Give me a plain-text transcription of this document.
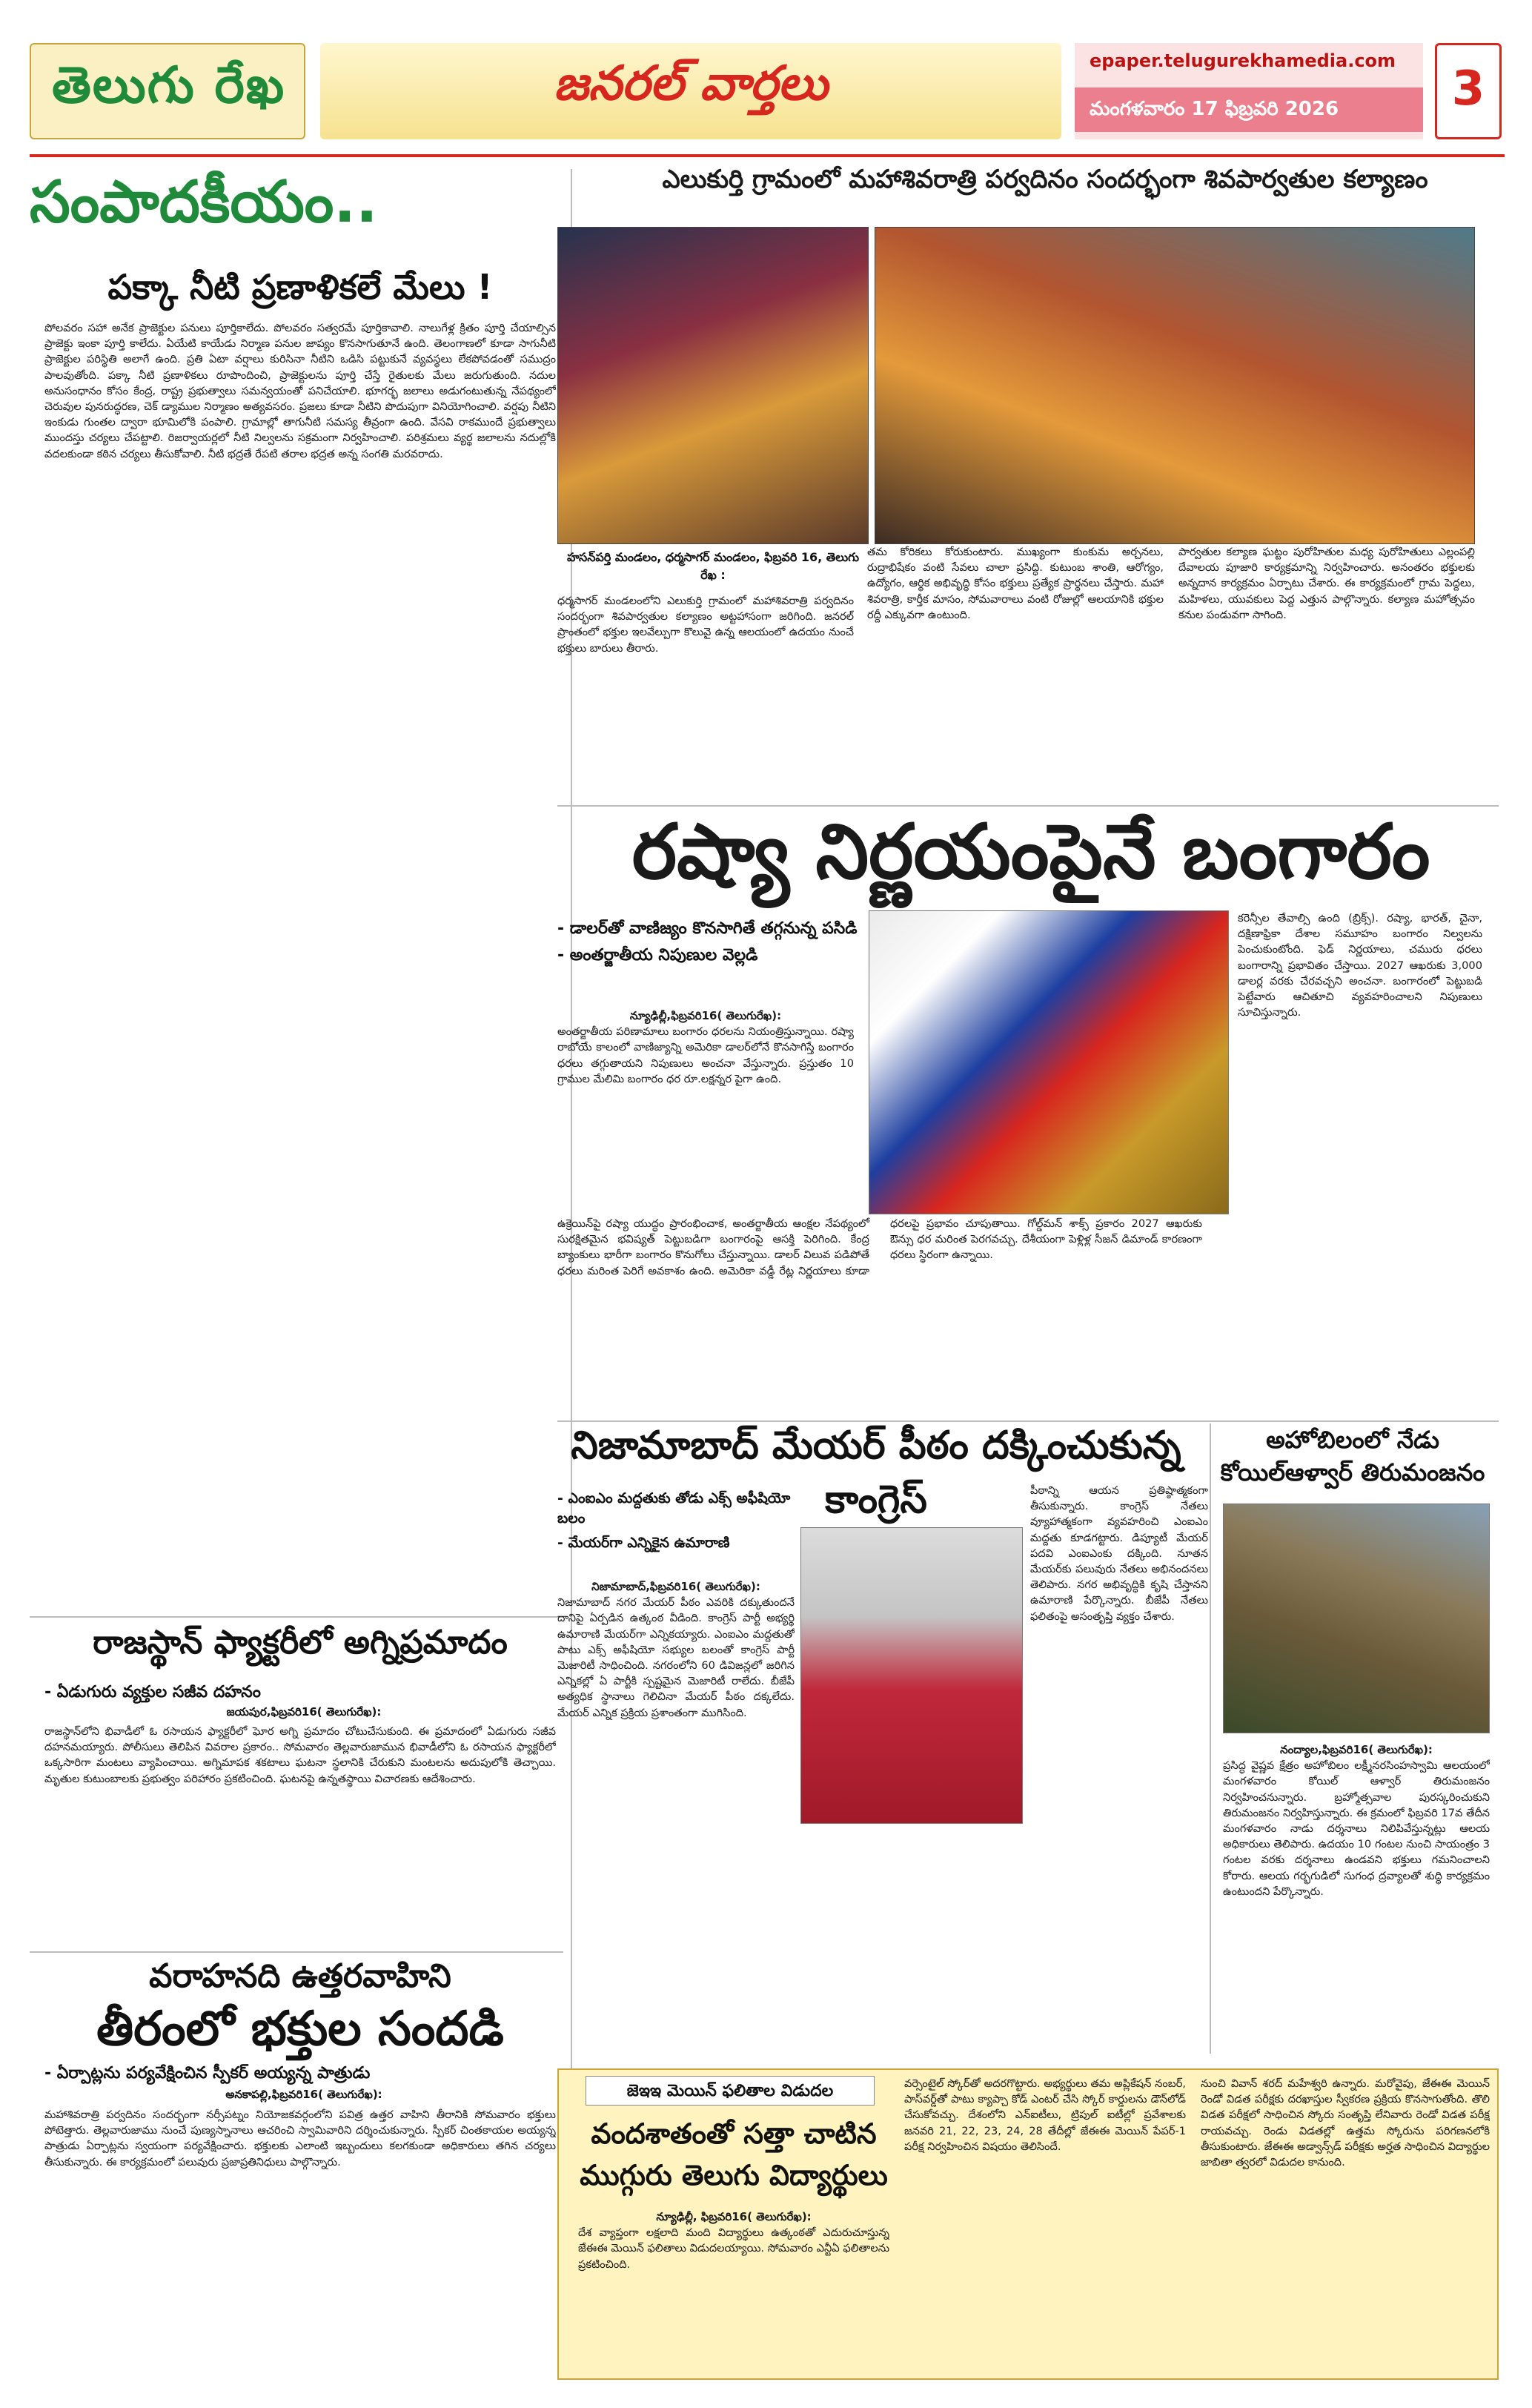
తెలుగు రేఖ	జనరల్ వార్తలు	epaper.telugurekhamedia.com
మంగళవారం 17 ఫిబ్రవరి 2026	3
సంపాదకీయం..
పక్కా నీటి ప్రణాళికలే మేలు !
పోలవరం సహా అనేక ప్రాజెక్టుల పనులు పూర్తికాలేదు. పోలవరం సత్వరమే పూర్తికావాలి. నాలుగేళ్ల క్రితం పూర్తి చేయాల్సిన ప్రాజెక్టు ఇంకా పూర్తి కాలేదు. ఏయేటి కాయేడు నిర్మాణ పనుల జాప్యం కొనసాగుతూనే ఉంది. తెలంగాణలో కూడా సాగునీటి ప్రాజెక్టుల పరిస్థితి అలాగే ఉంది. ప్రతి ఏటా వర్షాలు కురిసినా నీటిని ఒడిసి పట్టుకునే వ్యవస్థలు లేకపోవడంతో సముద్రం పాలవుతోంది. పక్కా నీటి ప్రణాళికలు రూపొందించి, ప్రాజెక్టులను పూర్తి చేస్తే రైతులకు మేలు జరుగుతుంది. నదుల అనుసంధానం కోసం కేంద్ర, రాష్ట్ర ప్రభుత్వాలు సమన్వయంతో పనిచేయాలి. భూగర్భ జలాలు అడుగంటుతున్న నేపథ్యంలో చెరువుల పునరుద్ధరణ, చెక్ డ్యాముల నిర్మాణం అత్యవసరం. ప్రజలు కూడా నీటిని పొదుపుగా వినియోగించాలి. వర్షపు నీటిని ఇంకుడు గుంతల ద్వారా భూమిలోకి పంపాలి. గ్రామాల్లో తాగునీటి సమస్య తీవ్రంగా ఉంది. వేసవి రాకముందే ప్రభుత్వాలు ముందస్తు చర్యలు చేపట్టాలి. రిజర్వాయర్లలో నీటి నిల్వలను సక్రమంగా నిర్వహించాలి. పరిశ్రమలు వ్యర్థ జలాలను నదుల్లోకి వదలకుండా కఠిన చర్యలు తీసుకోవాలి. నీటి భద్రతే రేపటి తరాల భద్రత అన్న సంగతి మరవరాదు.
రాజస్థాన్ ఫ్యాక్టరీలో అగ్నిప్రమాదం
- ఏడుగురు వ్యక్తుల సజీవ దహనం
జయపుర,ఫిబ్రవరి16( తెలుగురేఖ):
రాజస్థాన్‌లోని భివాడీలో ఓ రసాయన ఫ్యాక్టరీలో ఘోర అగ్ని ప్రమాదం చోటుచేసుకుంది. ఈ ప్రమాదంలో ఏడుగురు సజీవ దహనమయ్యారు. పోలీసులు తెలిపిన వివరాల ప్రకారం.. సోమవారం తెల్లవారుజామున భివాడీలోని ఓ రసాయన ఫ్యాక్టరీలో ఒక్కసారిగా మంటలు వ్యాపించాయి. అగ్నిమాపక శకటాలు ఘటనా స్థలానికి చేరుకుని మంటలను అదుపులోకి తెచ్చాయి. మృతుల కుటుంబాలకు ప్రభుత్వం పరిహారం ప్రకటించింది. ఘటనపై ఉన్నతస్థాయి విచారణకు ఆదేశించారు.
వరాహనది ఉత్తరవాహిని
తీరంలో భక్తుల సందడి
- ఏర్పాట్లను పర్యవేక్షించిన స్పీకర్ అయ్యన్న పాత్రుడు
అనకాపల్లి,ఫిబ్రవరి16( తెలుగురేఖ):
మహాశివరాత్రి పర్వదినం సందర్భంగా నర్సీపట్నం నియోజకవర్గంలోని పవిత్ర ఉత్తర వాహిని తీరానికి సోమవారం భక్తులు పోటెత్తారు. తెల్లవారుజాము నుంచే పుణ్యస్నానాలు ఆచరించి స్వామివారిని దర్శించుకున్నారు. స్పీకర్ చింతకాయల అయ్యన్న పాత్రుడు ఏర్పాట్లను స్వయంగా పర్యవేక్షించారు. భక్తులకు ఎలాంటి ఇబ్బందులు కలగకుండా అధికారులు తగిన చర్యలు తీసుకున్నారు. ఈ కార్యక్రమంలో పలువురు ప్రజాప్రతినిధులు పాల్గొన్నారు.
ఎలుకుర్తి గ్రామంలో మహాశివరాత్రి పర్వదినం సందర్భంగా శివపార్వతుల కల్యాణం
హసన్‌పర్తి మండలం, ధర్మసాగర్ మండలం, ఫిబ్రవరి 16, తెలుగు రేఖ :
ధర్మసాగర్ మండలంలోని ఎలుకుర్తి గ్రామంలో మహాశివరాత్రి పర్వదినం సందర్భంగా శివపార్వతుల కల్యాణం అట్టహాసంగా జరిగింది. జనరల్ ప్రాంతంలో భక్తుల ఇలవేల్పుగా కొలువై ఉన్న ఆలయంలో ఉదయం నుంచే భక్తులు బారులు తీరారు.
తమ కోరికలు కోరుకుంటారు. ముఖ్యంగా కుంకుమ అర్చనలు, రుద్రాభిషేకం వంటి సేవలు చాలా ప్రసిద్ధి. కుటుంబ శాంతి, ఆరోగ్యం, ఉద్యోగం, ఆర్థిక అభివృద్ధి కోసం భక్తులు ప్రత్యేక ప్రార్థనలు చేస్తారు. మహా శివరాత్రి, కార్తీక మాసం, సోమవారాలు వంటి రోజుల్లో ఆలయానికి భక్తుల రద్దీ ఎక్కువగా ఉంటుంది.
పార్వతుల కల్యాణ ఘట్టం పురోహితుల మధ్య పురోహితులు ఎల్లంపల్లి దేవాలయ పూజారి కార్యక్రమాన్ని నిర్వహించారు. అనంతరం భక్తులకు అన్నదాన కార్యక్రమం ఏర్పాటు చేశారు. ఈ కార్యక్రమంలో గ్రామ పెద్దలు, మహిళలు, యువకులు పెద్ద ఎత్తున పాల్గొన్నారు. కల్యాణ మహోత్సవం కనుల పండువగా సాగింది.
రష్యా నిర్ణయంపైనే బంగారం
- డాలర్‌తో వాణిజ్యం కొనసాగితే తగ్గనున్న పసిడి
- అంతర్జాతీయ నిపుణుల వెల్లడి
న్యూఢిల్లీ,ఫిబ్రవరి16( తెలుగురేఖ):
అంతర్జాతీయ పరిణామాలు బంగారం ధరలను నియంత్రిస్తున్నాయి. రష్యా రాబోయే కాలంలో వాణిజ్యాన్ని అమెరికా డాలర్‌లోనే కొనసాగిస్తే బంగారం ధరలు తగ్గుతాయని నిపుణులు అంచనా వేస్తున్నారు. ప్రస్తుతం 10 గ్రాముల మేలిమి బంగారం ధర రూ.లక్షన్నర పైగా ఉంది.
ఉక్రెయిన్‌పై రష్యా యుద్ధం ప్రారంభించాక, అంతర్జాతీయ ఆంక్షల నేపథ్యంలో సురక్షితమైన భవిష్యత్ పెట్టుబడిగా బంగారంపై ఆసక్తి పెరిగింది. కేంద్ర బ్యాంకులు భారీగా బంగారం కొనుగోలు చేస్తున్నాయి. డాలర్ విలువ పడిపోతే ధరలు మరింత పెరిగే అవకాశం ఉంది. అమెరికా వడ్డీ రేట్ల నిర్ణయాలు కూడా ధరలపై ప్రభావం చూపుతాయి. గోల్డ్‌మన్ శాక్స్ ప్రకారం 2027 ఆఖరుకు ఔన్సు ధర మరింత పెరగవచ్చు. దేశీయంగా పెళ్లిళ్ల సీజన్ డిమాండ్ కారణంగా ధరలు స్థిరంగా ఉన్నాయి.
కరెన్సీల తేవాల్సి ఉంది (బ్రిక్స్). రష్యా, భారత్, చైనా, దక్షిణాఫ్రికా దేశాల సమూహం బంగారం నిల్వలను పెంచుకుంటోంది. ఫెడ్ నిర్ణయాలు, చమురు ధరలు బంగారాన్ని ప్రభావితం చేస్తాయి. 2027 ఆఖరుకు 3,000 డాలర్ల వరకు చేరవచ్చని అంచనా. బంగారంలో పెట్టుబడి పెట్టేవారు ఆచితూచి వ్యవహరించాలని నిపుణులు సూచిస్తున్నారు.
నిజామాబాద్ మేయర్ పీఠం దక్కించుకున్న కాంగ్రెస్
- ఎంఐఎం మద్దతుకు తోడు ఎక్స్ అఫీషియో బలం
- మేయర్‌గా ఎన్నికైన ఉమారాణి
నిజామాబాద్,ఫిబ్రవరి16( తెలుగురేఖ):
నిజామాబాద్ నగర మేయర్ పీఠం ఎవరికి దక్కుతుందనే దానిపై ఏర్పడిన ఉత్కంఠ వీడింది. కాంగ్రెస్ పార్టీ అభ్యర్థి ఉమారాణి మేయర్‌గా ఎన్నికయ్యారు. ఎంఐఎం మద్దతుతో పాటు ఎక్స్ అఫీషియో సభ్యుల బలంతో కాంగ్రెస్ పార్టీ మెజారిటీ సాధించింది. నగరంలోని 60 డివిజన్లలో జరిగిన ఎన్నికల్లో ఏ పార్టీకి స్పష్టమైన మెజారిటీ రాలేదు. బీజేపీ అత్యధిక స్థానాలు గెలిచినా మేయర్ పీఠం దక్కలేదు. మేయర్ ఎన్నిక ప్రక్రియ ప్రశాంతంగా ముగిసింది.
పీఠాన్ని ఆయన ప్రతిష్ఠాత్మకంగా తీసుకున్నారు. కాంగ్రెస్ నేతలు వ్యూహాత్మకంగా వ్యవహరించి ఎంఐఎం మద్దతు కూడగట్టారు. డిప్యూటీ మేయర్ పదవి ఎంఐఎంకు దక్కింది. నూతన మేయర్‌కు పలువురు నేతలు అభినందనలు తెలిపారు. నగర అభివృద్ధికి కృషి చేస్తానని ఉమారాణి పేర్కొన్నారు. బీజేపీ నేతలు ఫలితంపై అసంతృప్తి వ్యక్తం చేశారు.
అహోబిలంలో నేడు కోయిల్‌ఆళ్వార్ తిరుమంజనం
నంద్యాల,ఫిబ్రవరి16( తెలుగురేఖ):
ప్రసిద్ధ వైష్ణవ క్షేత్రం అహోబిలం లక్ష్మీనరసింహస్వామి ఆలయంలో మంగళవారం కోయిల్ ఆళ్వార్ తిరుమంజనం నిర్వహించనున్నారు. బ్రహ్మోత్సవాల పురస్కరించుకుని తిరుమంజనం నిర్వహిస్తున్నారు. ఈ క్రమంలో ఫిబ్రవరి 17వ తేదీన మంగళవారం నాడు దర్శనాలు నిలిపివేస్తున్నట్లు ఆలయ అధికారులు తెలిపారు. ఉదయం 10 గంటల నుంచి సాయంత్రం 3 గంటల వరకు దర్శనాలు ఉండవని భక్తులు గమనించాలని కోరారు. ఆలయ గర్భగుడిలో సుగంధ ద్రవ్యాలతో శుద్ధి కార్యక్రమం ఉంటుందని పేర్కొన్నారు.
జెఇఇ మెయిన్ ఫలితాల విడుదల
వందశాతంతో సత్తా చాటిన ముగ్గురు తెలుగు విద్యార్థులు
న్యూఢిల్లీ, ఫిబ్రవరి16( తెలుగురేఖ):
దేశ వ్యాప్తంగా లక్షలాది మంది విద్యార్థులు ఉత్కంఠతో ఎదురుచూస్తున్న జేఈఈ మెయిన్ ఫలితాలు విడుదలయ్యాయి. సోమవారం ఎన్టీఏ ఫలితాలను ప్రకటించింది.
వర్సెంటైల్ స్కోర్‌తో అదరగొట్టారు. అభ్యర్థులు తమ అప్లికేషన్ నంబర్, పాస్‌వర్డ్‌తో పాటు క్యాప్చా కోడ్ ఎంటర్ చేసి స్కోర్ కార్డులను డౌన్‌లోడ్ చేసుకోవచ్చు. దేశంలోని ఎన్ఐటీలు, ట్రిపుల్ ఐటీల్లో ప్రవేశాలకు జనవరి 21, 22, 23, 24, 28 తేదీల్లో జేఈఈ మెయిన్ పేపర్-1 పరీక్ష నిర్వహించిన విషయం తెలిసిందే.
నుంచి వివాన్ శరద్ మహేశ్వరి ఉన్నారు. మరోవైపు, జేఈఈ మెయిన్ రెండో విడత పరీక్షకు దరఖాస్తుల స్వీకరణ ప్రక్రియ కొనసాగుతోంది. తొలి విడత పరీక్షలో సాధించిన స్కోరు సంతృప్తి లేనివారు రెండో విడత పరీక్ష రాయవచ్చు. రెండు విడతల్లో ఉత్తమ స్కోరును పరిగణనలోకి తీసుకుంటారు. జేఈఈ అడ్వాన్స్‌డ్ పరీక్షకు అర్హత సాధించిన విద్యార్థుల జాబితా త్వరలో విడుదల కానుంది.
